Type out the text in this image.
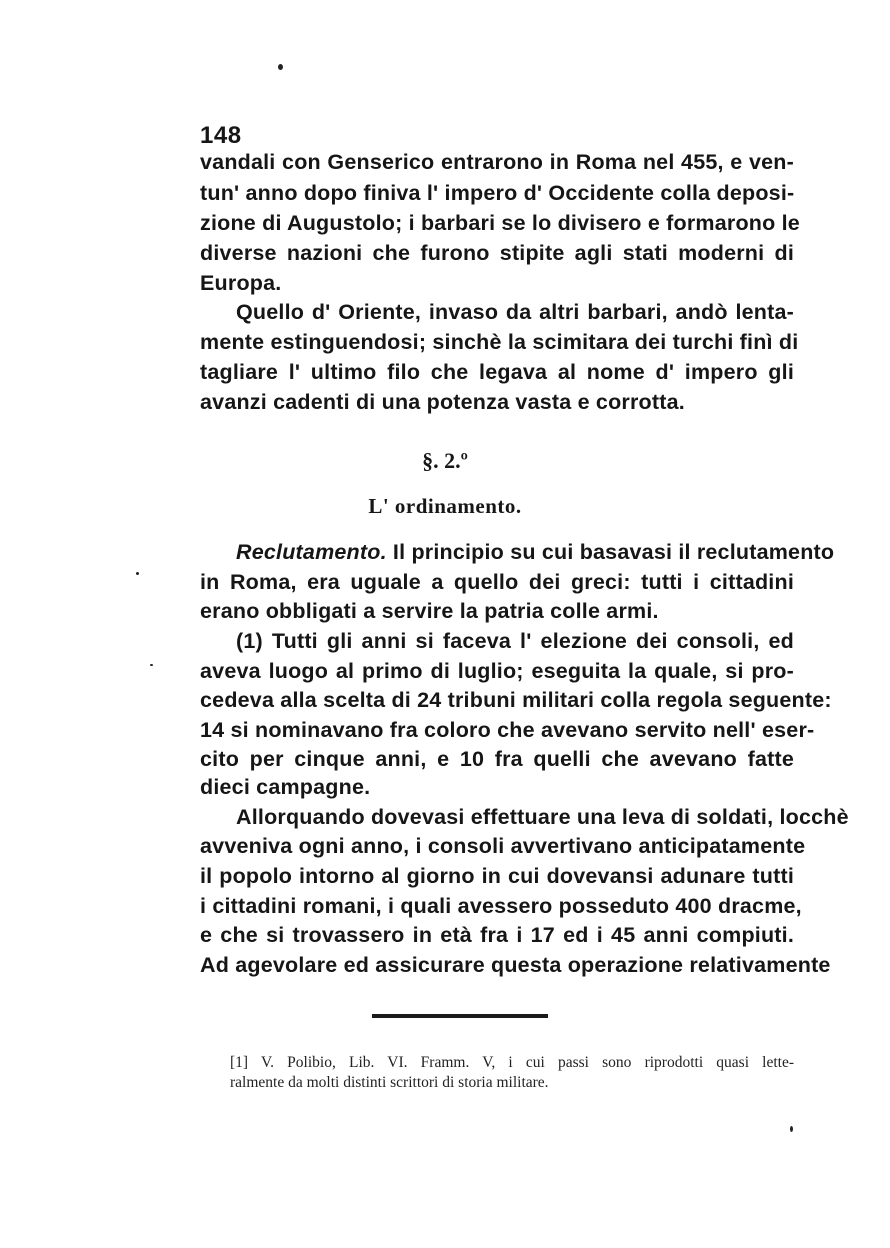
148
vandali con Genserico entrarono in Roma nel 455, e ven-
tun' anno dopo finiva l' impero d' Occidente colla deposi-
zione di Augustolo; i barbari se lo divisero e formarono le
diverse nazioni che furono stipite agli stati moderni di
Europa.
Quello d' Oriente, invaso da altri barbari, andò lenta-
mente estinguendosi; sinchè la scimitara dei turchi finì di
tagliare l' ultimo filo che legava al nome d' impero gli
avanzi cadenti di una potenza vasta e corrotta.
§. 2.º
L' ordinamento.
Reclutamento. Il principio su cui basavasi il reclutamento
in Roma, era uguale a quello dei greci: tutti i cittadini
erano obbligati a servire la patria colle armi.
(1) Tutti gli anni si faceva l' elezione dei consoli, ed
aveva luogo al primo di luglio; eseguita la quale, si pro-
cedeva alla scelta di 24 tribuni militari colla regola seguente:
14 si nominavano fra coloro che avevano servito nell' eser-
cito per cinque anni, e 10 fra quelli che avevano fatte
dieci campagne.
Allorquando dovevasi effettuare una leva di soldati, locchè
avveniva ogni anno, i consoli avvertivano anticipatamente
il popolo intorno al giorno in cui dovevansi adunare tutti
i cittadini romani, i quali avessero posseduto 400 dracme,
e che si trovassero in età fra i 17 ed i 45 anni compiuti.
Ad agevolare ed assicurare questa operazione relativamente
[1] V. Polibio, Lib. VI. Framm. V, i cui passi sono riprodotti quasi lette-
ralmente da molti distinti scrittori di storia militare.
